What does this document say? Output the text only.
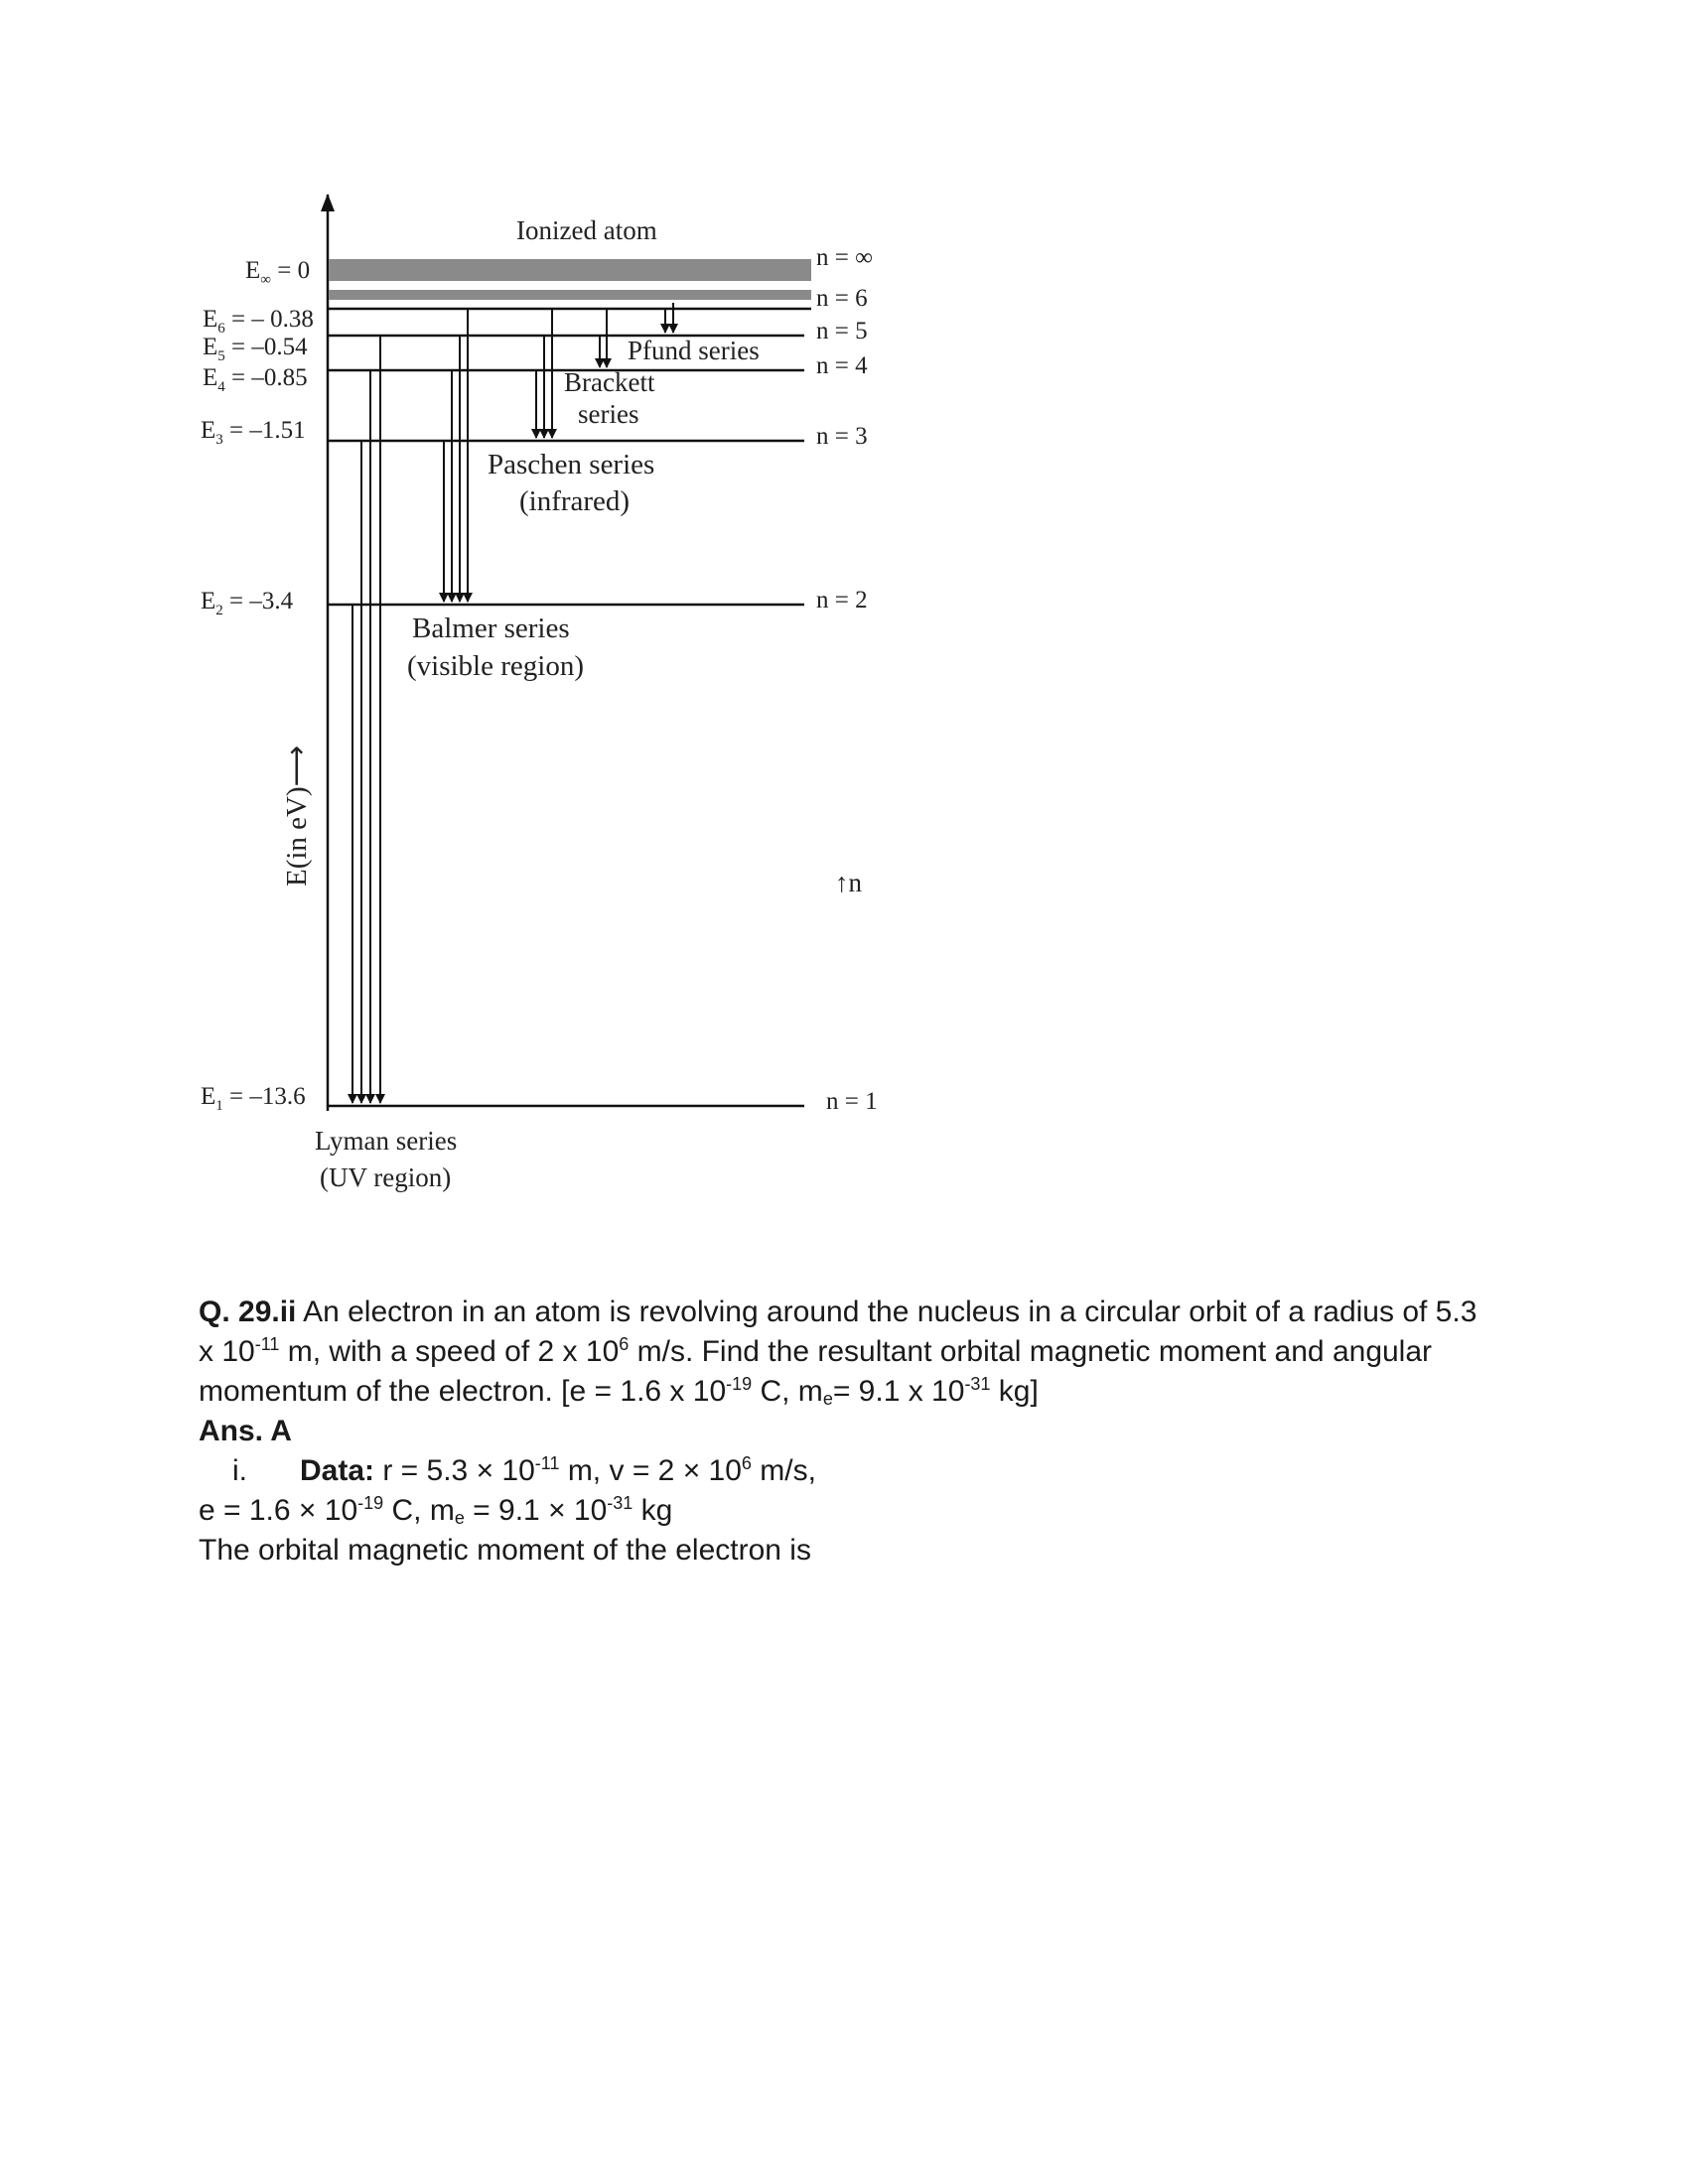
Ionized atom
$E_\infty = 0$
$E_6$ = – 0.38
$E_5 = -0.54$
$E_4 = -0.85$
$E_3 = -1.51$
$E_2 = -3.4$
$E_1 = -13.6$
n = ∞
n = 6
n = 5
n = 4
n = 3
n = 2
n = 1
Pfund series
Brackett
series
Paschen series
(infrared)
Balmer series
(visible region)
Lyman series
(UV region)
E(in eV)⟶	↑n

Q. 29.ii An electron in an atom is revolving around the nucleus in a circular orbit of a radius of 5.3 x $10^{-11}$ m, with a speed of 2 x $10^6$ m/s. Find the resultant orbital magnetic moment and angular momentum of the electron. [e = 1.6 x $10^{-19}$ C, $m_e= 9.1$ x $10^{-31}$ kg]

Ans. A

i. Data: $r = 5.3 \times 10^{-11}$ m, $v = 2 \times 10^6$ m/s,

$e = 1.6 \times 10^{-19}$ C, $m_e = 9.1 \times 10^{-31}$ kg

The orbital magnetic moment of the electron is
